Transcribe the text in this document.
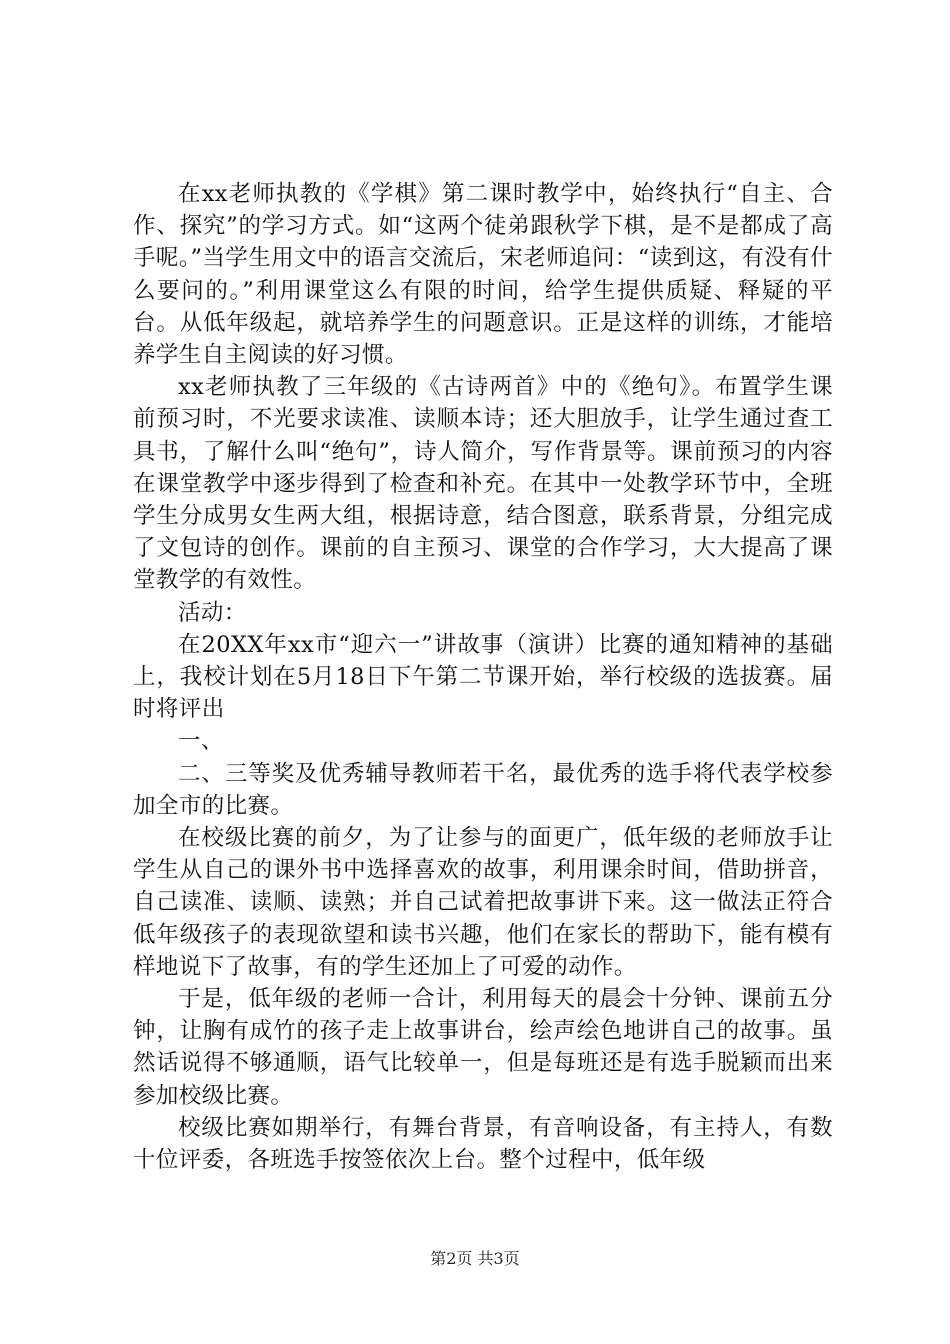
在xx老师执教的《学棋》第二课时教学中，始终执行“自主、合作、探究”的学习方式。如“这两个徒弟跟秋学下棋，是不是都成了高手呢。”当学生用文中的语言交流后，宋老师追问：“读到这，有没有什么要问的。”利用课堂这么有限的时间，给学生提供质疑、释疑的平台。从低年级起，就培养学生的问题意识。正是这样的训练，才能培养学生自主阅读的好习惯。

xx老师执教了三年级的《古诗两首》中的《绝句》。布置学生课前预习时，不光要求读准、读顺本诗；还大胆放手，让学生通过查工具书，了解什么叫“绝句”，诗人简介，写作背景等。课前预习的内容在课堂教学中逐步得到了检查和补充。在其中一处教学环节中，全班学生分成男女生两大组，根据诗意，结合图意，联系背景，分组完成了文包诗的创作。课前的自主预习、课堂的合作学习，大大提高了课堂教学的有效性。

活动：

在20XX年xx市“迎六一”讲故事（演讲）比赛的通知精神的基础上，我校计划在5月18日下午第二节课开始，举行校级的选拔赛。届时将评出

一、

二、三等奖及优秀辅导教师若干名，最优秀的选手将代表学校参加全市的比赛。

在校级比赛的前夕，为了让参与的面更广，低年级的老师放手让学生从自己的课外书中选择喜欢的故事，利用课余时间，借助拼音，自己读准、读顺、读熟；并自己试着把故事讲下来。这一做法正符合低年级孩子的表现欲望和读书兴趣，他们在家长的帮助下，能有模有样地说下了故事，有的学生还加上了可爱的动作。

于是，低年级的老师一合计，利用每天的晨会十分钟、课前五分钟，让胸有成竹的孩子走上故事讲台，绘声绘色地讲自己的故事。虽然话说得不够通顺，语气比较单一，但是每班还是有选手脱颖而出来参加校级比赛。

校级比赛如期举行，有舞台背景，有音响设备，有主持人，有数十位评委，各班选手按签依次上台。整个过程中，低年级

第2页 共3页
